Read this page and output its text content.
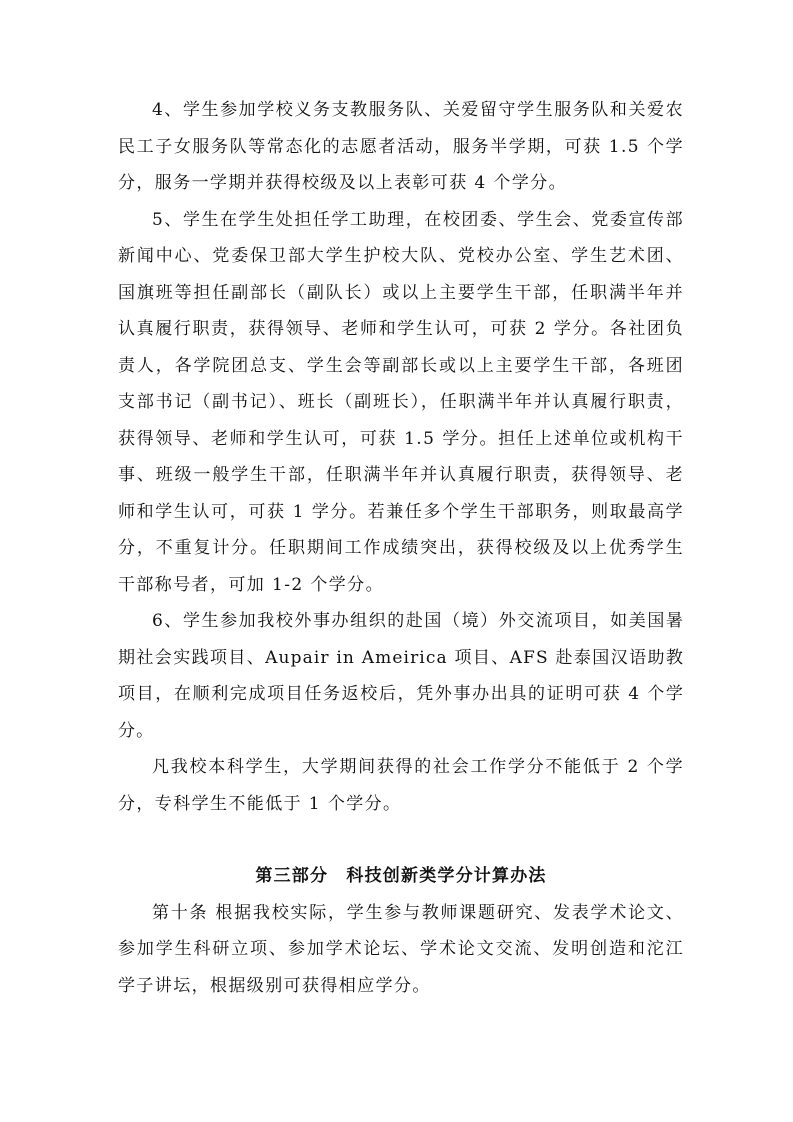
4、学生参加学校义务支教服务队、关爱留守学生服务队和关爱农民工子女服务队等常态化的志愿者活动，服务半学期，可获 1.5 个学分，服务一学期并获得校级及以上表彰可获 4 个学分。

5、学生在学生处担任学工助理，在校团委、学生会、党委宣传部新闻中心、党委保卫部大学生护校大队、党校办公室、学生艺术团、国旗班等担任副部长（副队长）或以上主要学生干部，任职满半年并认真履行职责，获得领导、老师和学生认可，可获 2 学分。各社团负责人，各学院团总支、学生会等副部长或以上主要学生干部，各班团支部书记（副书记）、班长（副班长），任职满半年并认真履行职责，获得领导、老师和学生认可，可获 1.5 学分。担任上述单位或机构干事、班级一般学生干部，任职满半年并认真履行职责，获得领导、老师和学生认可，可获 1 学分。若兼任多个学生干部职务，则取最高学分，不重复计分。任职期间工作成绩突出，获得校级及以上优秀学生干部称号者，可加 1-2 个学分。

6、学生参加我校外事办组织的赴国（境）外交流项目，如美国暑期社会实践项目、Aupair in Ameirica 项目、AFS 赴泰国汉语助教项目，在顺利完成项目任务返校后，凭外事办出具的证明可获 4 个学分。

凡我校本科学生，大学期间获得的社会工作学分不能低于 2 个学分，专科学生不能低于 1 个学分。

第三部分　科技创新类学分计算办法

第十条 根据我校实际，学生参与教师课题研究、发表学术论文、参加学生科研立项、参加学术论坛、学术论文交流、发明创造和沱江学子讲坛，根据级别可获得相应学分。
